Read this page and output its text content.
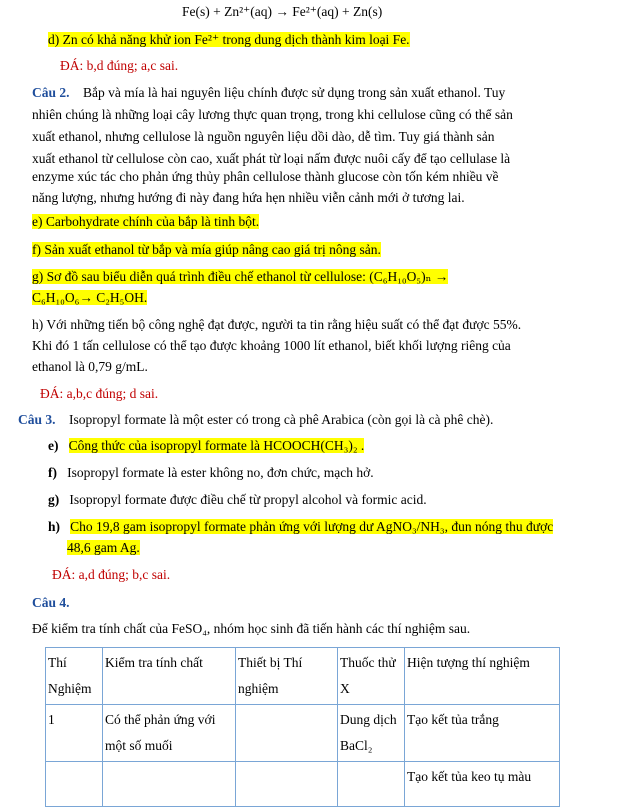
Fe(s) + Zn²⁺(aq) → Fe²⁺(aq) + Zn(s)
d) Zn có khả năng khử ion Fe²⁺ trong dung dịch thành kim loại Fe.
ĐÁ: b,d đúng; a,c sai.
Câu 2. Bắp và mía là hai nguyên liệu chính được sử dụng trong sản xuất ethanol. Tuy
nhiên chúng là những loại cây lương thực quan trọng, trong khi cellulose cũng có thể sản
xuất ethanol, nhưng cellulose là nguồn nguyên liệu dồi dào, dễ tìm. Tuy giá thành sản
xuất ethanol từ cellulose còn cao, xuất phát từ loại nấm được nuôi cấy để tạo cellulase là
enzyme xúc tác cho phản ứng thủy phân cellulose thành glucose còn tốn kém nhiều về
năng lượng, nhưng hướng đi này đang hứa hẹn nhiều viễn cảnh mới ở tương lai.
e) Carbohydrate chính của bắp là tinh bột.
f) Sản xuất ethanol từ bắp và mía giúp nâng cao giá trị nông sản.
g) Sơ đồ sau biểu diễn quá trình điều chế ethanol từ cellulose: (C₆H₁₀O₅)ₙ →
C₆H₁₀O₆→ C₂H₅OH.
h) Với những tiến bộ công nghệ đạt được, người ta tin rằng hiệu suất có thể đạt được 55%.
Khi đó 1 tấn cellulose có thể tạo được khoảng 1000 lít ethanol, biết khối lượng riêng của
ethanol là 0,79 g/mL.
ĐÁ: a,b,c đúng; d sai.
Câu 3. Isopropyl formate là một ester có trong cà phê Arabica (còn gọi là cà phê chè).
e) Công thức của isopropyl formate là HCOOCH(CH₃)₂ .
f) Isopropyl formate là ester không no, đơn chức, mạch hở.
g) Isopropyl formate được điều chế từ propyl alcohol và formic acid.
h) Cho 19,8 gam isopropyl formate phản ứng với lượng dư AgNO₃/NH₃, đun nóng thu được
48,6 gam Ag.
ĐÁ: a,d đúng; b,c sai.
Câu 4.
Để kiểm tra tính chất của FeSO₄, nhóm học sinh đã tiến hành các thí nghiệm sau.
Thí Nghiệm	Kiểm tra tính chất	Thiết bị Thí nghiệm	Thuốc thử X	Hiện tượng thí nghiệm
1	Có thể phản ứng với một số muối		Dung dịch BaCl₂	Tạo kết tủa trắng
				Tạo kết tủa keo tụ màu
